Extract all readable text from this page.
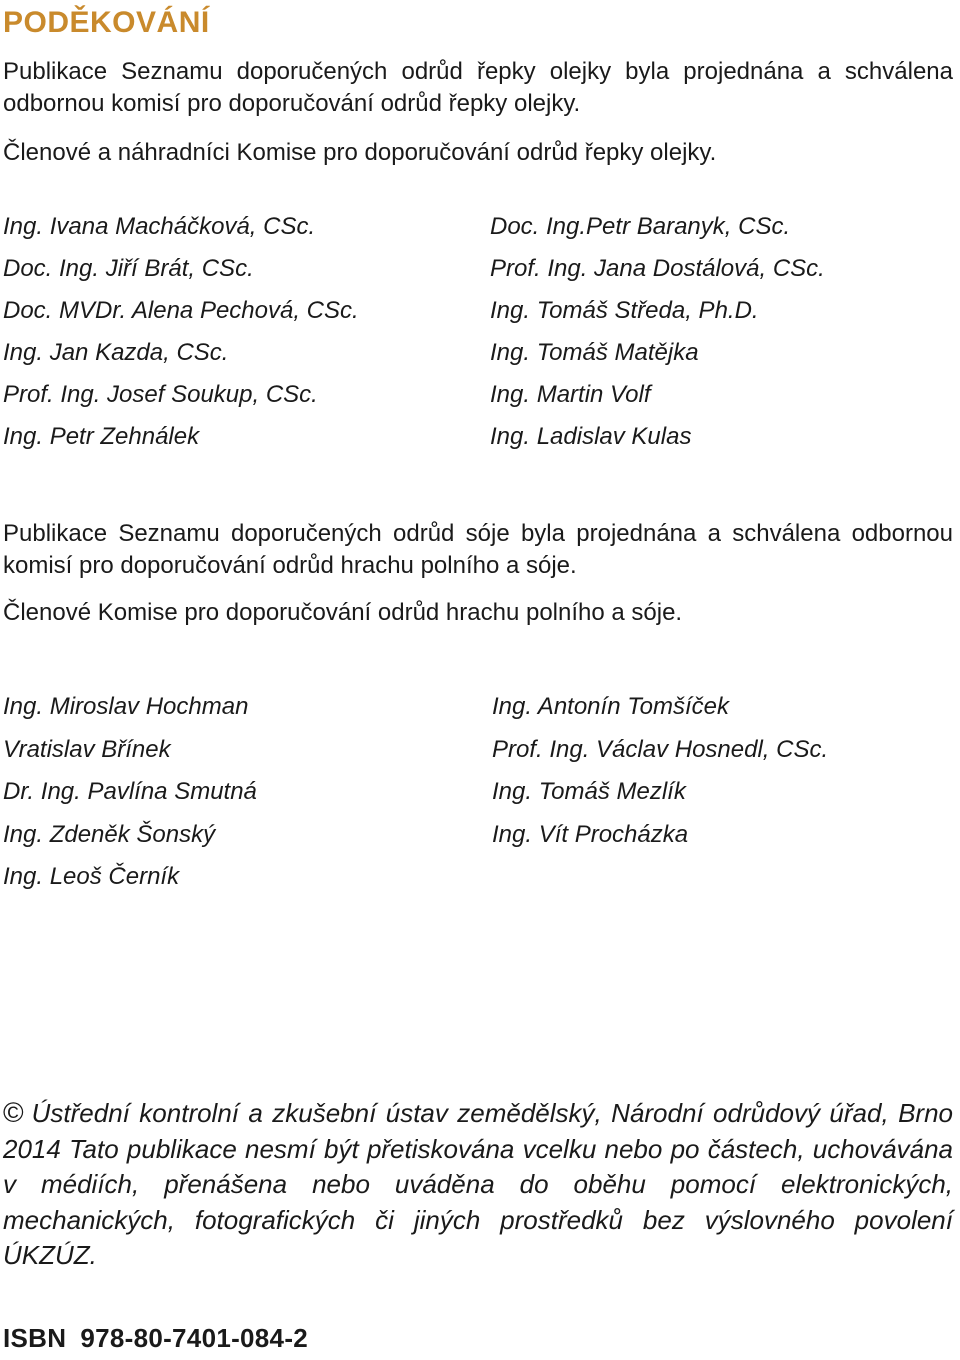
PODĚKOVÁNÍ

Publikace Seznamu doporučených odrůd řepky olejky byla projednána a schválena odbornou komisí pro doporučování odrůd řepky olejky.

Členové a náhradníci Komise pro doporučování odrůd řepky olejky.

Ing. Ivana Macháčková, CSc.
Doc. Ing. Jiří Brát, CSc.
Doc. MVDr. Alena Pechová, CSc.
Ing. Jan Kazda, CSc.
Prof. Ing. Josef Soukup, CSc.
Ing. Petr Zehnálek
Doc. Ing.Petr Baranyk, CSc.
Prof. Ing. Jana Dostálová, CSc.
Ing. Tomáš Středa, Ph.D.
Ing. Tomáš Matějka
Ing. Martin Volf
Ing. Ladislav Kulas

Publikace Seznamu doporučených odrůd sóje byla projednána a schválena odbornou komisí pro doporučování odrůd hrachu polního a sóje.

Členové Komise pro doporučování odrůd hrachu polního a sóje.

Ing. Miroslav Hochman
Vratislav Břínek
Dr. Ing. Pavlína Smutná
Ing. Zdeněk Šonský
Ing. Leoš Černík
Ing. Antonín Tomšíček
Prof. Ing. Václav Hosnedl, CSc.
Ing. Tomáš Mezlík
Ing. Vít Procházka
© Ústřední kontrolní a zkušební ústav zemědělský, Národní odrůdový úřad, Brno 2014 Tato publikace nesmí být přetiskována vcelku nebo po částech, uchovávána v médiích, přenášena nebo uváděna do oběhu pomocí elektronických, mechanických, fotografických či jiných prostředků bez výslovného povolení ÚKZÚZ.
ISBN 978-80-7401-084-2
